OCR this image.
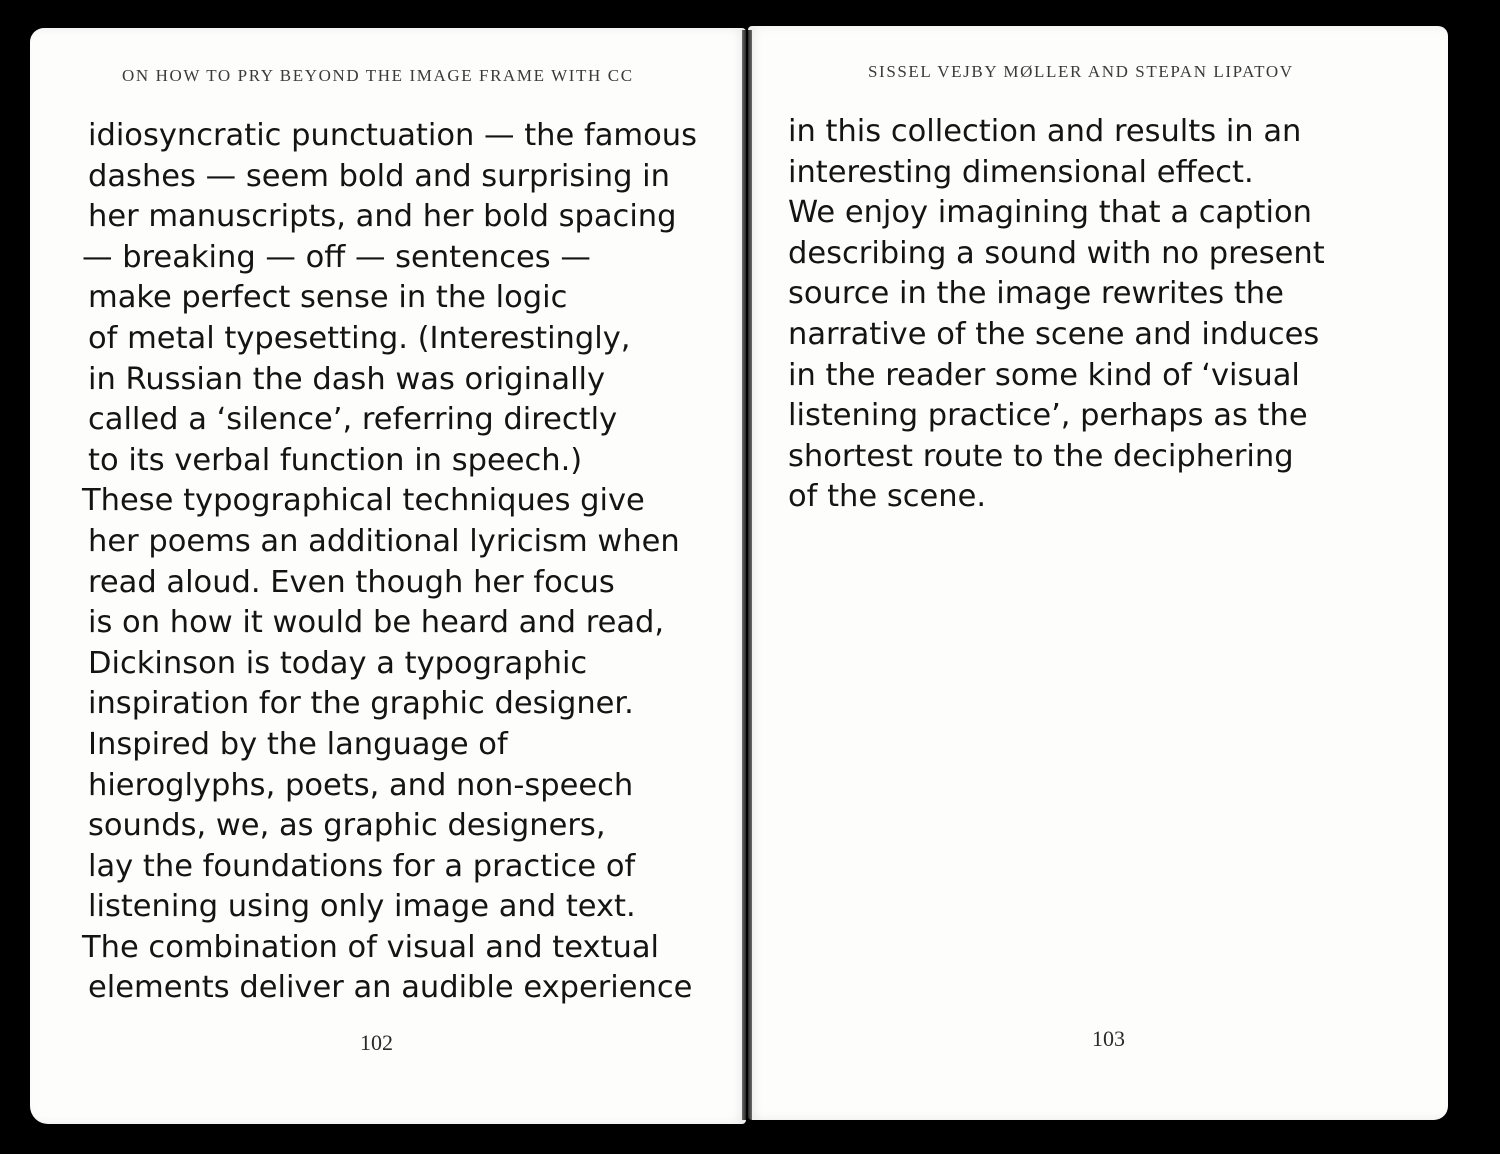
ON HOW TO PRY BEYOND THE IMAGE FRAME WITH CC
idiosyncratic punctuation — the famous
dashes — seem bold and surprising in
her manuscripts, and her bold spacing
— breaking — off — sentences —
make perfect sense in the logic
of metal typesetting. (Interestingly,
in Russian the dash was originally
called a ‘silence’, referring directly
to its verbal function in speech.)
These typographical techniques give
her poems an additional lyricism when
read aloud. Even though her focus
is on how it would be heard and read,
Dickinson is today a typographic
inspiration for the graphic designer.
Inspired by the language of
hieroglyphs, poets, and non-speech
sounds, we, as graphic designers,
lay the foundations for a practice of
listening using only image and text.
The combination of visual and textual
elements deliver an audible experience
102
SISSEL VEJBY MØLLER AND STEPAN LIPATOV
in this collection and results in an
interesting dimensional effect.
We enjoy imagining that a caption
describing a sound with no present
source in the image rewrites the
narrative of the scene and induces
in the reader some kind of ‘visual
listening practice’, perhaps as the
shortest route to the deciphering
of the scene.
103
